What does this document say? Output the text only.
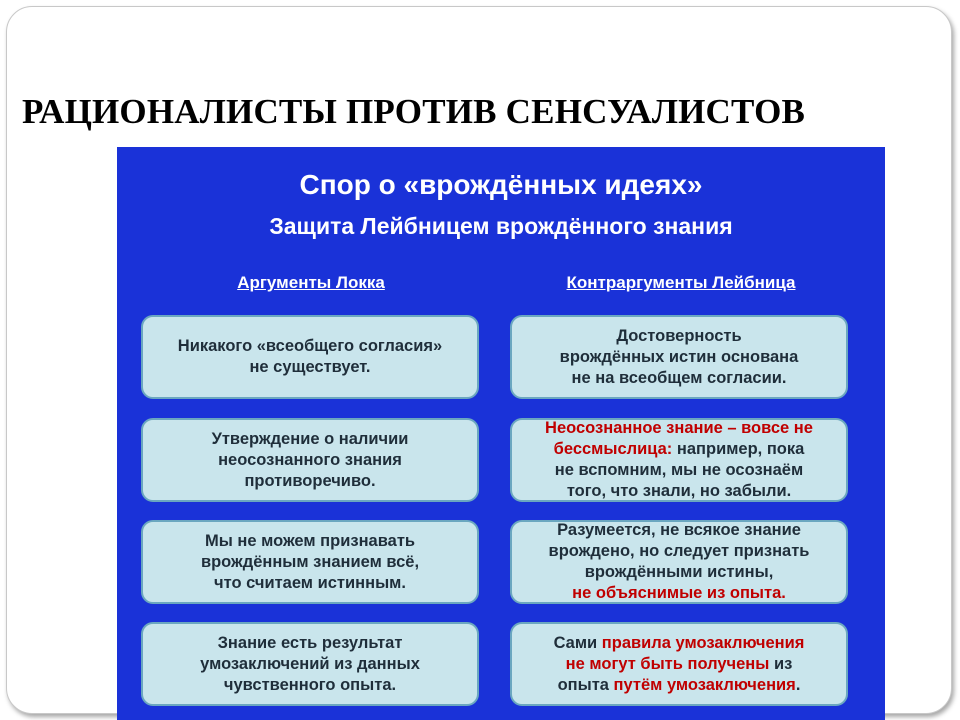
РАЦИОНАЛИСТЫ ПРОТИВ СЕНСУАЛИСТОВ
Спор о «врождённых идеях»
Защита Лейбницем врождённого знания
Аргументы Локка	Контраргументы Лейбница
Никакого «всеобщего согласия»
не существует.
Утверждение о наличии
неосознанного знания
противоречиво.
Мы не можем признавать
врождённым знанием всё,
что считаем истинным.
Знание есть результат
умозаключений из данных
чувственного опыта.
Достоверность
врождённых истин основана
не на всеобщем согласии.
Неосознанное знание – вовсе не
бессмыслица: например, пока
не вспомним, мы не осознаём
того, что знали, но забыли.
Разумеется, не всякое знание
врождено, но следует признать
врождёнными истины,
не объяснимые из опыта.
Сами правила умозаключения
не могут быть получены из
опыта путём умозаключения.
